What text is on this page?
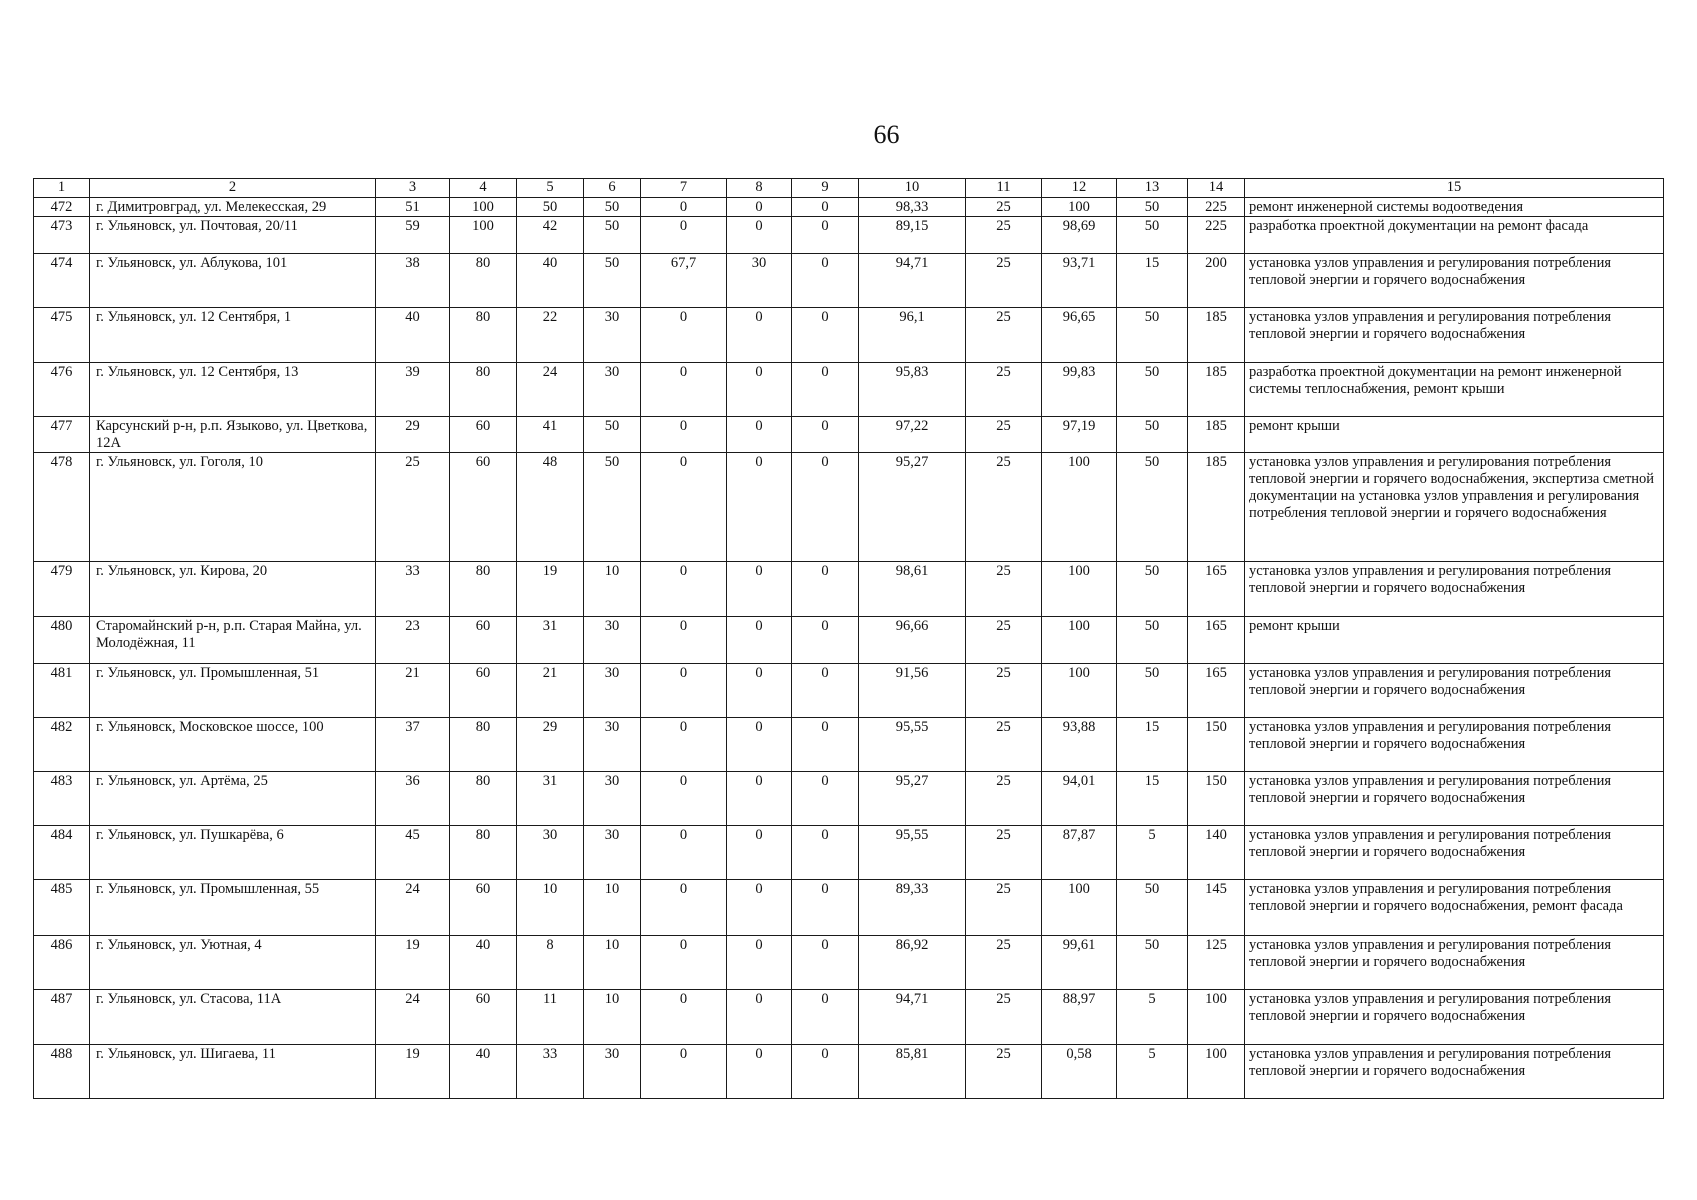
66
1	2	3	4	5	6	7	8	9	10	11	12	13	14	15
472	г. Димитровград, ул. Мелекесская, 29	51	100	50	50	0	0	0	98,33	25	100	50	225	ремонт инженерной системы водоотведения
473	г. Ульяновск, ул. Почтовая, 20/11	59	100	42	50	0	0	0	89,15	25	98,69	50	225	разработка проектной документации на ремонт фасада
474	г. Ульяновск, ул. Аблукова, 101	38	80	40	50	67,7	30	0	94,71	25	93,71	15	200	установка узлов управления и регулирования потребления тепловой энергии и горячего водоснабжения
475	г. Ульяновск, ул. 12 Сентября, 1	40	80	22	30	0	0	0	96,1	25	96,65	50	185	установка узлов управления и регулирования потребления тепловой энергии и горячего водоснабжения
476	г. Ульяновск, ул. 12 Сентября, 13	39	80	24	30	0	0	0	95,83	25	99,83	50	185	разработка проектной документации на ремонт инженерной системы теплоснабжения, ремонт крыши
477	Карсунский р-н, р.п. Языково, ул. Цветкова, 12А	29	60	41	50	0	0	0	97,22	25	97,19	50	185	ремонт крыши
478	г. Ульяновск, ул. Гоголя, 10	25	60	48	50	0	0	0	95,27	25	100	50	185	установка узлов управления и регулирования потребления тепловой энергии и горячего водоснабжения, экспертиза сметной документации на установка узлов управления и регулирования потребления тепловой энергии и горячего водоснабжения
479	г. Ульяновск, ул. Кирова, 20	33	80	19	10	0	0	0	98,61	25	100	50	165	установка узлов управления и регулирования потребления тепловой энергии и горячего водоснабжения
480	Старомайнский р-н, р.п. Старая Майна, ул. Молодёжная, 11	23	60	31	30	0	0	0	96,66	25	100	50	165	ремонт крыши
481	г. Ульяновск, ул. Промышленная, 51	21	60	21	30	0	0	0	91,56	25	100	50	165	установка узлов управления и регулирования потребления тепловой энергии и горячего водоснабжения
482	г. Ульяновск, Московское шоссе, 100	37	80	29	30	0	0	0	95,55	25	93,88	15	150	установка узлов управления и регулирования потребления тепловой энергии и горячего водоснабжения
483	г. Ульяновск, ул. Артёма, 25	36	80	31	30	0	0	0	95,27	25	94,01	15	150	установка узлов управления и регулирования потребления тепловой энергии и горячего водоснабжения
484	г. Ульяновск, ул. Пушкарёва, 6	45	80	30	30	0	0	0	95,55	25	87,87	5	140	установка узлов управления и регулирования потребления тепловой энергии и горячего водоснабжения
485	г. Ульяновск, ул. Промышленная, 55	24	60	10	10	0	0	0	89,33	25	100	50	145	установка узлов управления и регулирования потребления тепловой энергии и горячего водоснабжения, ремонт фасада
486	г. Ульяновск, ул. Уютная, 4	19	40	8	10	0	0	0	86,92	25	99,61	50	125	установка узлов управления и регулирования потребления тепловой энергии и горячего водоснабжения
487	г. Ульяновск, ул. Стасова, 11А	24	60	11	10	0	0	0	94,71	25	88,97	5	100	установка узлов управления и регулирования потребления тепловой энергии и горячего водоснабжения
488	г. Ульяновск, ул. Шигаева, 11	19	40	33	30	0	0	0	85,81	25	0,58	5	100	установка узлов управления и регулирования потребления тепловой энергии и горячего водоснабжения
